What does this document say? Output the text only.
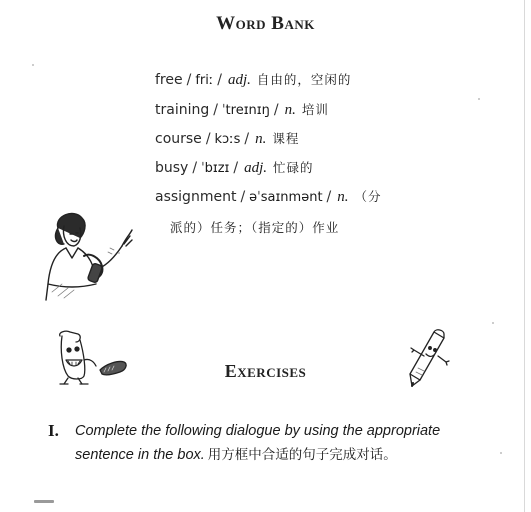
Word Bank
free / friː / adj. 自由的，空闲的
training / ˈtreɪnɪŋ / n. 培训
course / kɔːs / n. 课程
busy / ˈbɪzɪ / adj. 忙碌的
assignment / əˈsaɪnmənt / n. （分
派的）任务；（指定的）作业
Exercises
I. Complete the following dialogue by using the appropriate
sentence in the box. 用方框中合适的句子完成对话。
